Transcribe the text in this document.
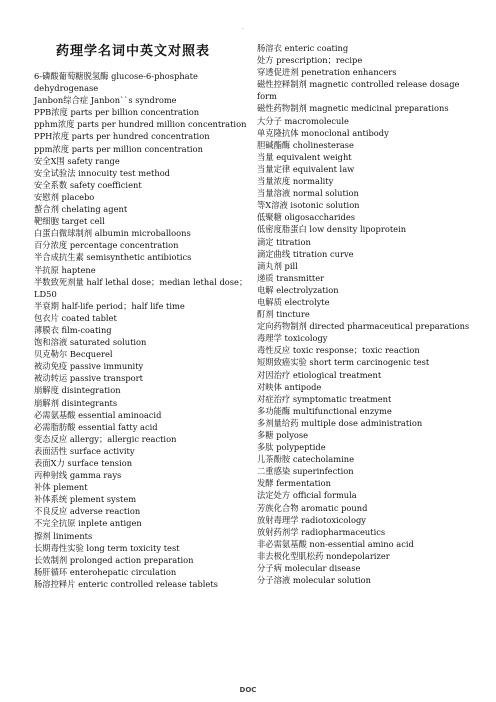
·
药理学名词中英文对照表

6-磷酸葡萄糖脱氢酶 glucose-6-phosphate dehydrogenase

Janbon综合症 Janbon``s syndrome

PPB浓度 parts per billion concentration

pphm浓度 parts per hundred million concentration

PPH浓度 parts per hundred concentration

ppm浓度 parts per million concentration

安全X围 safety range

安全试验法 innocuity test method

安全系数 safety coefficient

安慰剂 placebo

螯合剂 chelating agent

靶细胞 target cell

白蛋白微球制剂 albumin microballoons

百分浓度 percentage concentration

半合成抗生素 semisynthetic antibiotics

半抗原 haptene

半数致死剂量 half lethal dose；median lethal dose；LD50

半衰期 half-life period；half life time

包衣片 coated tablet

薄膜衣 film-coating

饱和溶液 saturated solution

贝克勒尔 Becquerel

被动免疫 passive immunity

被动转运 passive transport

崩解度 disintegration

崩解剂 disintegrants

必需氨基酸 essential aminoacid

必需脂肪酸 essential fatty acid

变态反应 allergy；allergic reaction

表面活性 surface activity

表面X力 surface tension

丙种射线 gamma rays

补体 plement

补体系统 plement system

不良反应 adverse reaction

不完全抗原 inplete antigen

擦剂 liniments

长期毒性实验 long term toxicity test

长效制剂 prolonged action preparation

肠肝循环 enterohepatic circulation

肠溶控释片 enteric controlled release tablets

肠溶衣 enteric coating

处方 prescription；recipe

穿透促进剂 penetration enhancers

磁性控释制剂 magnetic controlled release dosage form

磁性药物制剂 magnetic medicinal preparations

大分子 macromolecule

单克隆抗体 monoclonal antibody

胆碱酯酶 cholinesterase

当量 equivalent weight

当量定律 equivalent law

当量浓度 normality

当量溶液 normal solution

等X溶液 isotonic solution

低聚糖 oligosaccharides

低密度脂蛋白 low density lipoprotein

滴定 titration

滴定曲线 titration curve

滴丸剂 pill

递质 transmitter

电解 electrolyzation

电解质 electrolyte

酊剂 tincture

定向药物制剂 directed pharmaceutical preparations

毒理学 toxicology

毒性反应 toxic response；toxic reaction

短期致癌实验 short term carcinogenic test

对因治疗 etiological treatment

对映体 antipode

对症治疗 symptomatic treatment

多功能酶 multifunctional enzyme

多剂量给药 multiple dose administration

多糖 polyose

多肽 polypeptide

儿茶酚胺 catecholamine

二重感染 superinfection

发酵 fermentation

法定处方 official formula

芳族化合物 aromatic pound

放射毒理学 radiotoxicology

放射药剂学 radiopharmaceutics

非必需氨基酸 non-essential amino acid

非去极化型肌松药 nondepolarizer

分子病 molecular disease

分子溶液 molecular solution

DOC
